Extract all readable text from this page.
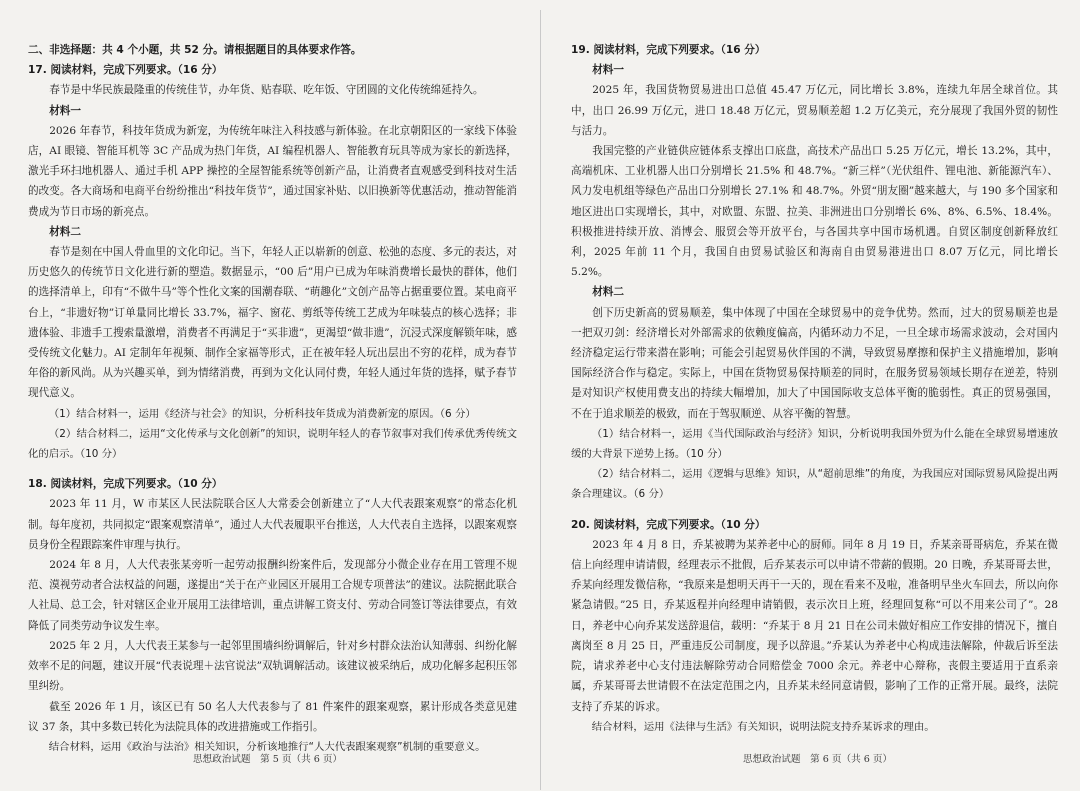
二、非选择题：共 4 个小题，共 52 分。请根据题目的具体要求作答。

17. 阅读材料，完成下列要求。（16 分）

春节是中华民族最隆重的传统佳节，办年货、贴春联、吃年饭、守团圆的文化传统绵延持久。

材料一

2026 年春节，科技年货成为新宠，为传统年味注入科技感与新体验。在北京朝阳区的一家线下体验店，AI 眼镜、智能耳机等 3C 产品成为热门年货，AI 编程机器人、智能教育玩具等成为家长的新选择，激光手环扫地机器人、通过手机 APP 操控的全屋智能系统等创新产品，让消费者直观感受到科技对生活的改变。各大商场和电商平台纷纷推出“科技年货节”，通过国家补贴、以旧换新等优惠活动，推动智能消费成为节日市场的新亮点。

材料二

春节是刻在中国人骨血里的文化印记。当下，年轻人正以崭新的创意、松弛的态度、多元的表达，对历史悠久的传统节日文化进行新的塑造。数据显示，“00 后”用户已成为年味消费增长最快的群体，他们的选择清单上，印有“不做牛马”等个性化文案的国潮春联、“萌趣化”文创产品等占据重要位置。某电商平台上，“非遗好物”订单量同比增长 33.7%，福字、窗花、剪纸等传统工艺成为年味装点的核心选择；非遗体验、非遗手工搜索量激增，消费者不再满足于“买非遗”，更渴望“做非遗”，沉浸式深度解锁年味，感受传统文化魅力。AI 定制年年视频、制作全家福等形式，正在被年轻人玩出层出不穷的花样，成为春节年俗的新风尚。从为兴趣买单，到为情绪消费，再到为文化认同付费，年轻人通过年货的选择，赋予春节现代意义。

（1）结合材料一，运用《经济与社会》的知识，分析科技年货成为消费新宠的原因。（6 分）

（2）结合材料二，运用“文化传承与文化创新”的知识，说明年轻人的春节叙事对我们传承优秀传统文化的启示。（10 分）

18. 阅读材料，完成下列要求。（10 分）

2023 年 11 月，W 市某区人民法院联合区人大常委会创新建立了“人大代表跟案观察”的常态化机制。每年度初，共同拟定“跟案观察清单”，通过人大代表履职平台推送，人大代表自主选择，以跟案观察员身份全程跟踪案件审理与执行。

2024 年 8 月，人大代表张某旁听一起劳动报酬纠纷案件后，发现部分小微企业存在用工管理不规范、漠视劳动者合法权益的问题，遂提出“关于在产业园区开展用工合规专项普法”的建议。法院据此联合人社局、总工会，针对辖区企业开展用工法律培训，重点讲解工资支付、劳动合同签订等法律要点，有效降低了同类劳动争议发生率。

2025 年 2 月，人大代表王某参与一起邻里围墙纠纷调解后，针对乡村群众法治认知薄弱、纠纷化解效率不足的问题，建议开展“代表说理＋法官说法”双轨调解活动。该建议被采纳后，成功化解多起积压邻里纠纷。

截至 2026 年 1 月，该区已有 50 名人大代表参与了 81 件案件的跟案观察，累计形成各类意见建议 37 条，其中多数已转化为法院具体的改进措施或工作指引。

结合材料，运用《政治与法治》相关知识，分析该地推行“人大代表跟案观察”机制的重要意义。

思想政治试题　第 5 页（共 6 页）

19. 阅读材料，完成下列要求。（16 分）

材料一

2025 年，我国货物贸易进出口总值 45.47 万亿元，同比增长 3.8%，连续九年居全球首位。其中，出口 26.99 万亿元，进口 18.48 万亿元，贸易顺差超 1.2 万亿美元，充分展现了我国外贸的韧性与活力。

我国完整的产业链供应链体系支撑出口底盘，高技术产品出口 5.25 万亿元，增长 13.2%，其中，高端机床、工业机器人出口分别增长 21.5% 和 48.7%。“新三样”（光伏组件、锂电池、新能源汽车）、风力发电机组等绿色产品出口分别增长 27.1% 和 48.7%。外贸“朋友圈”越来越大，与 190 多个国家和地区进出口实现增长，其中，对欧盟、东盟、拉美、非洲进出口分别增长 6%、8%、6.5%、18.4%。积极推进持续开放、消博会、服贸会等开放平台，与各国共享中国市场机遇。自贸区制度创新释放红利，2025 年前 11 个月，我国自由贸易试验区和海南自由贸易港进出口 8.07 万亿元，同比增长 5.2%。

材料二

创下历史新高的贸易顺差，集中体现了中国在全球贸易中的竞争优势。然而，过大的贸易顺差也是一把双刃剑：经济增长对外部需求的依赖度偏高，内循环动力不足，一旦全球市场需求波动，会对国内经济稳定运行带来潜在影响；可能会引起贸易伙伴国的不满，导致贸易摩擦和保护主义措施增加，影响国际经济合作与稳定。实际上，中国在货物贸易保持顺差的同时，在服务贸易领域长期存在逆差，特别是对知识产权使用费支出的持续大幅增加，加大了中国国际收支总体平衡的脆弱性。真正的贸易强国，不在于追求顺差的极致，而在于驾驭顺逆、从容平衡的智慧。

（1）结合材料一，运用《当代国际政治与经济》知识，分析说明我国外贸为什么能在全球贸易增速放缓的大背景下逆势上扬。（10 分）

（2）结合材料二，运用《逻辑与思维》知识，从“超前思维”的角度，为我国应对国际贸易风险提出两条合理建议。（6 分）

20. 阅读材料，完成下列要求。（10 分）

2023 年 4 月 8 日，乔某被聘为某养老中心的厨师。同年 8 月 19 日，乔某亲哥哥病危，乔某在微信上向经理申请请假，经理表示不批假，后乔某表示可以申请不带薪的假期。20 日晚，乔某哥哥去世，乔某向经理发微信称，“我原来是想明天再干一天的，现在看来不及啦，准备明早坐火车回去，所以向你紧急请假。”25 日，乔某返程并向经理申请销假，表示次日上班，经理回复称“可以不用来公司了”。28 日，养老中心向乔某发送辞退信，载明：“乔某于 8 月 21 日在公司未做好相应工作安排的情况下，擅自离岗至 8 月 25 日，严重违反公司制度，现予以辞退。”乔某认为养老中心构成违法解除，仲裁后诉至法院，请求养老中心支付违法解除劳动合同赔偿金 7000 余元。养老中心辩称，丧假主要适用于直系亲属，乔某哥哥去世请假不在法定范围之内，且乔某未经同意请假，影响了工作的正常开展。最终，法院支持了乔某的诉求。

结合材料，运用《法律与生活》有关知识，说明法院支持乔某诉求的理由。

思想政治试题　第 6 页（共 6 页）
